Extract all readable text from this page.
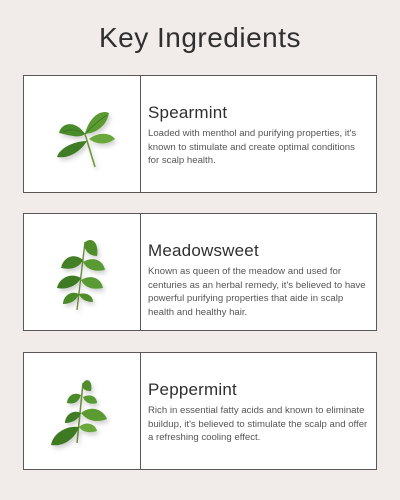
Key Ingredients
Spearmint
Loaded with menthol and purifying properties, it's known to stimulate and create optimal conditions for scalp health.
Meadowsweet
Known as queen of the meadow and used for centuries as an herbal remedy, it's believed to have powerful purifying properties that aide in scalp health and healthy hair.
Peppermint
Rich in essential fatty acids and known to eliminate buildup, it's believed to stimulate the scalp and offer a refreshing cooling effect.
